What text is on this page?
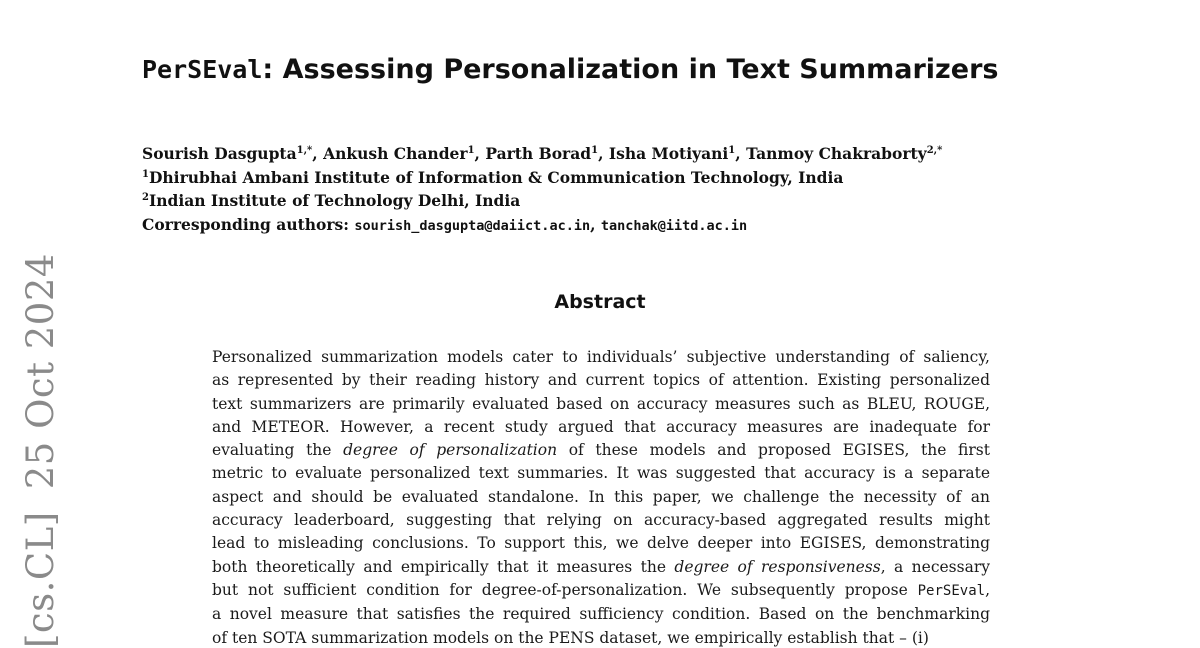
[cs.CL]25 Oct 2024
PerSEval: Assessing Personalization in Text Summarizers
Sourish Dasgupta$^{1,*}$, Ankush Chander$^1$, Parth Borad$^1$, Isha Motiyani$^1$, Tanmoy Chakraborty$^{2,*}$
$^1$Dhirubhai Ambani Institute of Information & Communication Technology, India
$^2$Indian Institute of Technology Delhi, India
Corresponding authors: sourish_dasgupta@daiict.ac.in, tanchak@iitd.ac.in
Abstract
Personalized summarization models cater to individuals’ subjective understanding of saliency,
as represented by their reading history and current topics of attention. Existing personalized
text summarizers are primarily evaluated based on accuracy measures such as BLEU, ROUGE,
and METEOR. However, a recent study argued that accuracy measures are inadequate for
evaluating the degree of personalization of these models and proposed EGISES, the first
metric to evaluate personalized text summaries. It was suggested that accuracy is a separate
aspect and should be evaluated standalone. In this paper, we challenge the necessity of an
accuracy leaderboard, suggesting that relying on accuracy-based aggregated results might
lead to misleading conclusions. To support this, we delve deeper into EGISES, demonstrating
both theoretically and empirically that it measures the degree of responsiveness, a necessary
but not sufficient condition for degree-of-personalization. We subsequently propose PerSEval,
a novel measure that satisfies the required sufficiency condition. Based on the benchmarking
of ten SOTA summarization models on the PENS dataset, we empirically establish that – (i)
